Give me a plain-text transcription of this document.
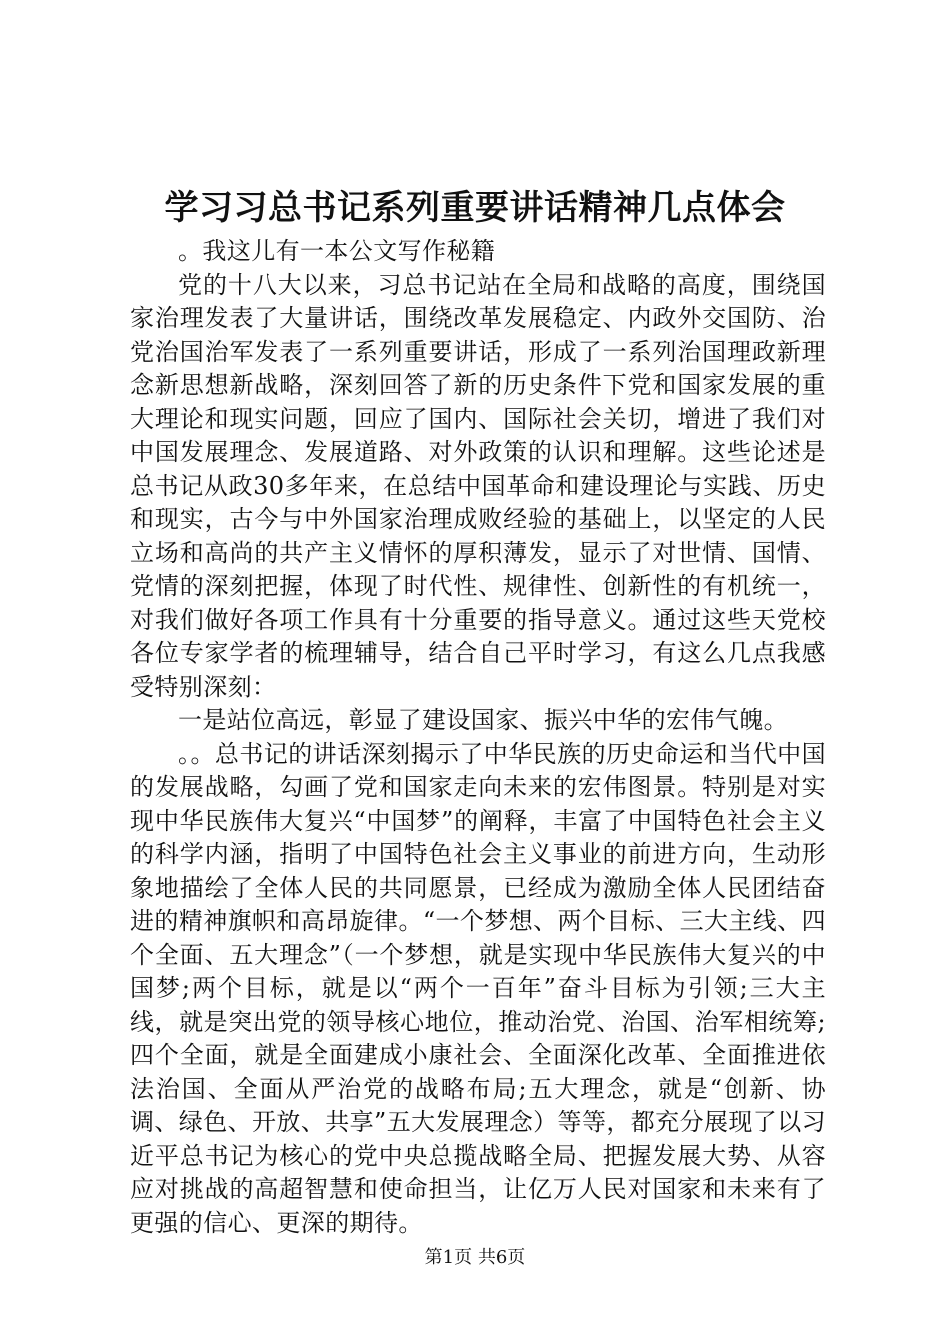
学习习总书记系列重要讲话精神几点体会

。我这儿有一本公文写作秘籍

党的十八大以来，习总书记站在全局和战略的高度，围绕国家治理发表了大量讲话，围绕改革发展稳定、内政外交国防、治党治国治军发表了一系列重要讲话，形成了一系列治国理政新理念新思想新战略，深刻回答了新的历史条件下党和国家发展的重大理论和现实问题，回应了国内、国际社会关切，增进了我们对中国发展理念、发展道路、对外政策的认识和理解。这些论述是总书记从政30多年来，在总结中国革命和建设理论与实践、历史和现实，古今与中外国家治理成败经验的基础上，以坚定的人民立场和高尚的共产主义情怀的厚积薄发，显示了对世情、国情、党情的深刻把握，体现了时代性、规律性、创新性的有机统一，对我们做好各项工作具有十分重要的指导意义。通过这些天党校各位专家学者的梳理辅导，结合自己平时学习，有这么几点我感受特别深刻：

一是站位高远，彰显了建设国家、振兴中华的宏伟气魄。

。。总书记的讲话深刻揭示了中华民族的历史命运和当代中国的发展战略，勾画了党和国家走向未来的宏伟图景。特别是对实现中华民族伟大复兴“中国梦”的阐释，丰富了中国特色社会主义的科学内涵，指明了中国特色社会主义事业的前进方向，生动形象地描绘了全体人民的共同愿景，已经成为激励全体人民团结奋进的精神旗帜和高昂旋律。“一个梦想、两个目标、三大主线、四个全面、五大理念”（一个梦想，就是实现中华民族伟大复兴的中国梦;两个目标，就是以“两个一百年”奋斗目标为引领;三大主线，就是突出党的领导核心地位，推动治党、治国、治军相统筹;四个全面，就是全面建成小康社会、全面深化改革、全面推进依法治国、全面从严治党的战略布局;五大理念，就是“创新、协调、绿色、开放、共享”五大发展理念）等等，都充分展现了以习近平总书记为核心的党中央总揽战略全局、把握发展大势、从容应对挑战的高超智慧和使命担当，让亿万人民对国家和未来有了更强的信心、更深的期待。

第1页 共6页
